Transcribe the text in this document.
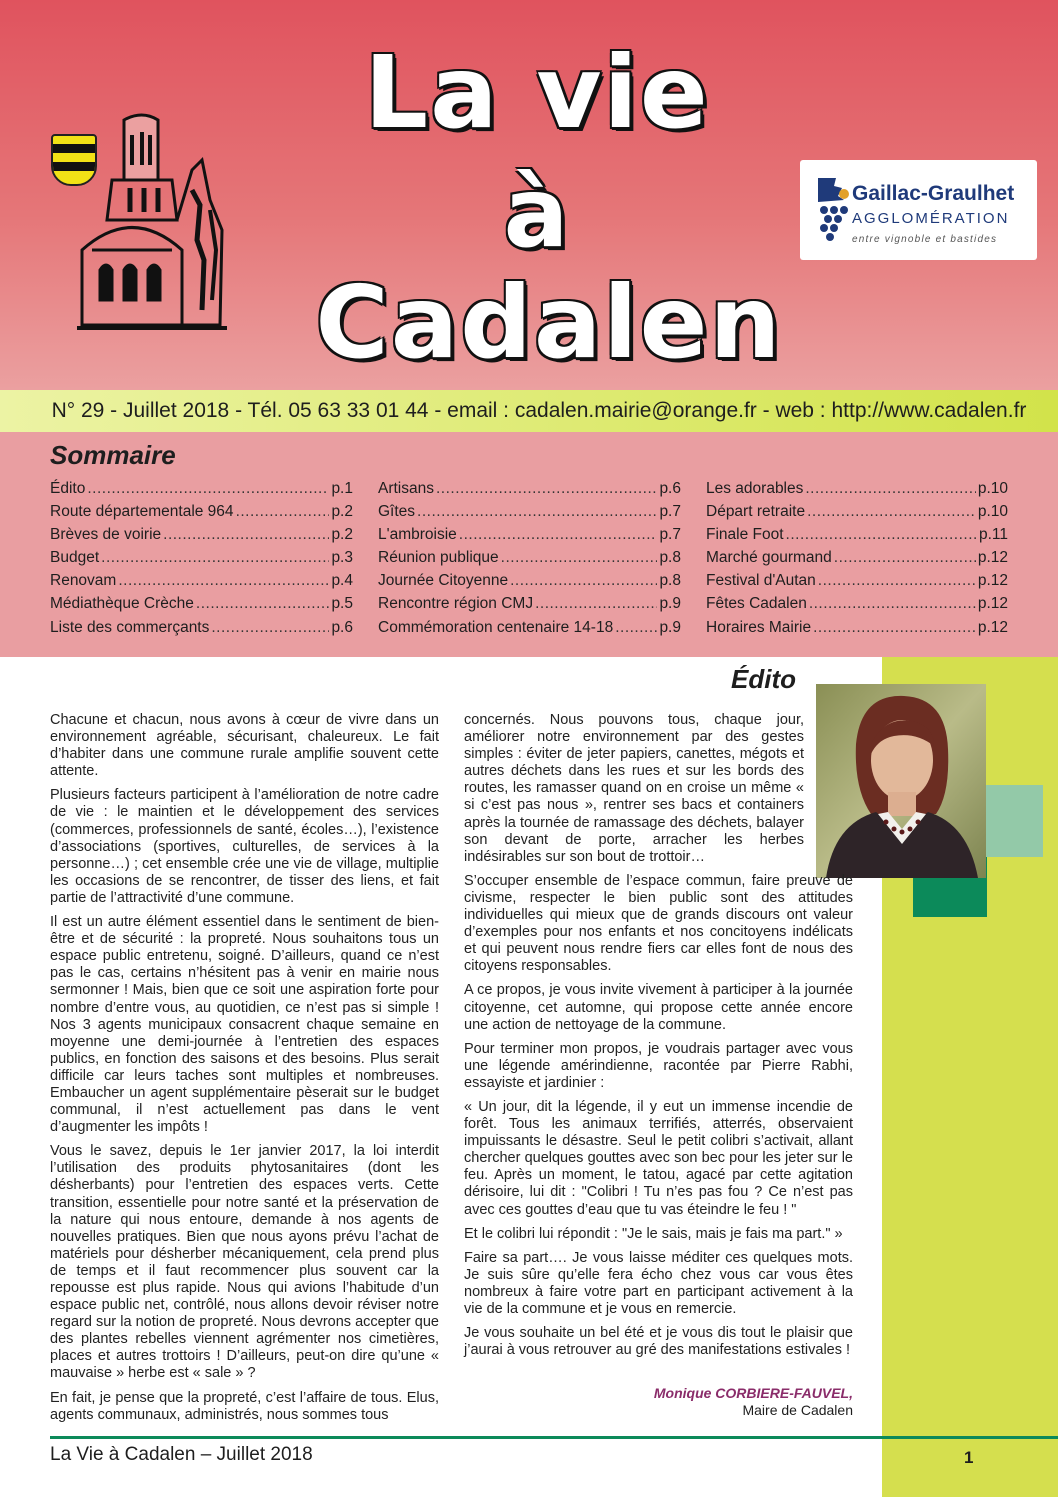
La vie
à
Cadalen
Gaillac-Graulhet
AGGLOMÉRATION
entre vignoble et bastides
N° 29 - Juillet 2018 - Tél. 05 63 33 01 44 - email : cadalen.mairie@orange.fr - web : http://www.cadalen.fr
Sommaire
Édito .....	p.1
Route départementale 964 .....	p.2
Brèves de voirie .....	p.2
Budget .....	p.3
Renovam .....	p.4
Médiathèque Crèche .....	p.5
Liste des commerçants .....	p.6
Artisans .....	p.6
Gîtes .....	p.7
L'ambroisie .....	p.7
Réunion publique .....	p.8
Journée Citoyenne .....	p.8
Rencontre région CMJ .....	p.9
Commémoration centenaire 14-18 .....	p.9
Les adorables .....	p.10
Départ retraite .....	p.10
Finale Foot .....	p.11
Marché gourmand .....	p.12
Festival d'Autan .....	p.12
Fêtes Cadalen .....	p.12
Horaires Mairie .....	p.12
Édito

Chacune et chacun, nous avons à cœur de vivre dans un environnement agréable, sécurisant, chaleureux. Le fait d’habiter dans une commune rurale amplifie souvent cette attente.

Plusieurs facteurs participent à l’amélioration de notre cadre de vie : le maintien et le développement des services (commerces, professionnels de santé, écoles…), l’existence d’associations (sportives, culturelles, de services à la personne…) ; cet ensemble crée une vie de village, multiplie les occasions de se rencontrer, de tisser des liens, et fait partie de l’attractivité d’une commune.

Il est un autre élément essentiel dans le sentiment de bien-être et de sécurité : la propreté. Nous souhaitons tous un espace public entretenu, soigné. D’ailleurs, quand ce n’est pas le cas, certains n’hésitent pas à venir en mairie nous sermonner ! Mais, bien que ce soit une aspiration forte pour nombre d’entre vous, au quotidien, ce n’est pas si simple ! Nos 3 agents municipaux consacrent chaque semaine en moyenne une demi-journée à l’entretien des espaces publics, en fonction des saisons et des besoins. Plus serait difficile car leurs taches sont multiples et nombreuses. Embaucher un agent supplémentaire pèserait sur le budget communal, il n’est actuellement pas dans le vent d’augmenter les impôts !

Vous le savez, depuis le 1er janvier 2017, la loi interdit l’utilisation des produits phytosanitaires (dont les désherbants) pour l’entretien des espaces verts. Cette transition, essentielle pour notre santé et la préservation de la nature qui nous entoure, demande à nos agents de nouvelles pratiques. Bien que nous ayons prévu l’achat de matériels pour désherber mécaniquement, cela prend plus de temps et il faut recommencer plus souvent car la repousse est plus rapide. Nous qui avions l’habitude d’un espace public net, contrôlé, nous allons devoir réviser notre regard sur la notion de propreté. Nous devrons accepter que des plantes rebelles viennent agrémenter nos cimetières, places et autres trottoirs ! D’ailleurs, peut-on dire qu’une « mauvaise » herbe est « sale » ?

En fait, je pense que la propreté, c’est l’affaire de tous. Elus, agents communaux, administrés, nous sommes tous

concernés. Nous pouvons tous, chaque jour, améliorer notre environnement par des gestes simples : éviter de jeter papiers, canettes, mégots et autres déchets dans les rues et sur les bords des routes, les ramasser quand on en croise un même « si c’est pas nous », rentrer ses bacs et containers après la tournée de ramassage des déchets, balayer son devant de porte, arracher les herbes indésirables sur son bout de trottoir…

S’occuper ensemble de l’espace commun, faire preuve de civisme, respecter le bien public sont des attitudes individuelles qui mieux que de grands discours ont valeur d’exemples pour nos enfants et nos concitoyens indélicats et qui peuvent nous rendre fiers car elles font de nous des citoyens responsables.

A ce propos, je vous invite vivement à participer à la journée citoyenne, cet automne, qui propose cette année encore une action de nettoyage de la commune.

Pour terminer mon propos, je voudrais partager avec vous une légende amérindienne, racontée par Pierre Rabhi, essayiste et jardinier :

« Un jour, dit la légende, il y eut un immense incendie de forêt. Tous les animaux terrifiés, atterrés, observaient impuissants le désastre. Seul le petit colibri s’activait, allant chercher quelques gouttes avec son bec pour les jeter sur le feu. Après un moment, le tatou, agacé par cette agitation dérisoire, lui dit : "Colibri ! Tu n’es pas fou ? Ce n’est pas avec ces gouttes d’eau que tu vas éteindre le feu ! "

Et le colibri lui répondit : "Je le sais, mais je fais ma part." »

Faire sa part…. Je vous laisse méditer ces quelques mots. Je suis sûre qu’elle fera écho chez vous car vous êtes nombreux à faire votre part en participant activement à la vie de la commune et je vous en remercie.

Je vous souhaite un bel été et je vous dis tout le plaisir que j’aurai à vous retrouver au gré des manifestations estivales !

Monique CORBIERE-FAUVEL,
Maire de Cadalen
La Vie à Cadalen – Juillet 2018	1
